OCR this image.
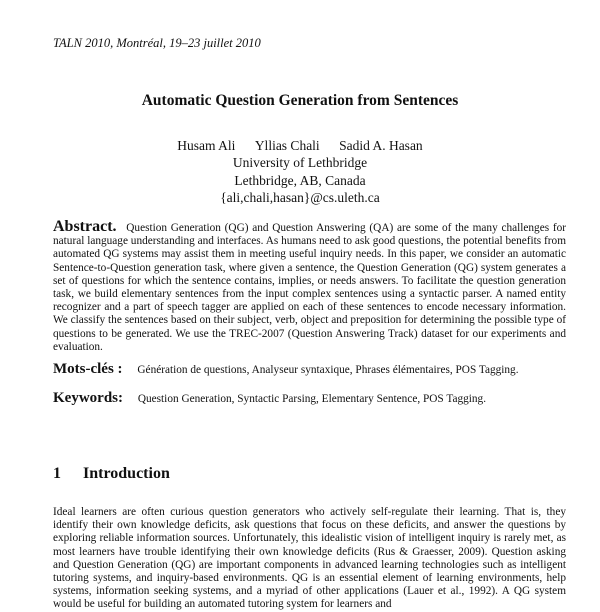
TALN 2010, Montréal, 19–23 juillet 2010
Automatic Question Generation from Sentences
Husam Ali Yllias Chali Sadid A. Hasan
University of Lethbridge
Lethbridge, AB, Canada
{ali,chali,hasan}@cs.uleth.ca
Abstract. Question Generation (QG) and Question Answering (QA) are some of the many challenges for natural language understanding and interfaces. As humans need to ask good questions, the potential benefits from automated QG systems may assist them in meeting useful inquiry needs. In this paper, we consider an automatic Sentence-to-Question generation task, where given a sentence, the Question Generation (QG) system generates a set of questions for which the sentence contains, implies, or needs answers. To facilitate the question generation task, we build elementary sentences from the input complex sentences using a syntactic parser. A named entity recognizer and a part of speech tagger are applied on each of these sentences to encode necessary information. We classify the sentences based on their subject, verb, object and preposition for determining the possible type of questions to be generated. We use the TREC-2007 (Question Answering Track) dataset for our experiments and evaluation.
Mots-clés : Génération de questions, Analyseur syntaxique, Phrases élémentaires, POS Tagging.
Keywords: Question Generation, Syntactic Parsing, Elementary Sentence, POS Tagging.
1 Introduction
Ideal learners are often curious question generators who actively self-regulate their learning. That is, they identify their own knowledge deficits, ask questions that focus on these deficits, and answer the questions by exploring reliable information sources. Unfortunately, this idealistic vision of intelligent inquiry is rarely met, as most learners have trouble identifying their own knowledge deficits (Rus & Graesser, 2009). Question asking and Question Generation (QG) are important components in advanced learning technologies such as intelligent tutoring systems, and inquiry-based environments. QG is an essential element of learning environments, help systems, information seeking systems, and a myriad of other applications (Lauer et al., 1992). A QG system would be useful for building an automated tutoring system for learners and
